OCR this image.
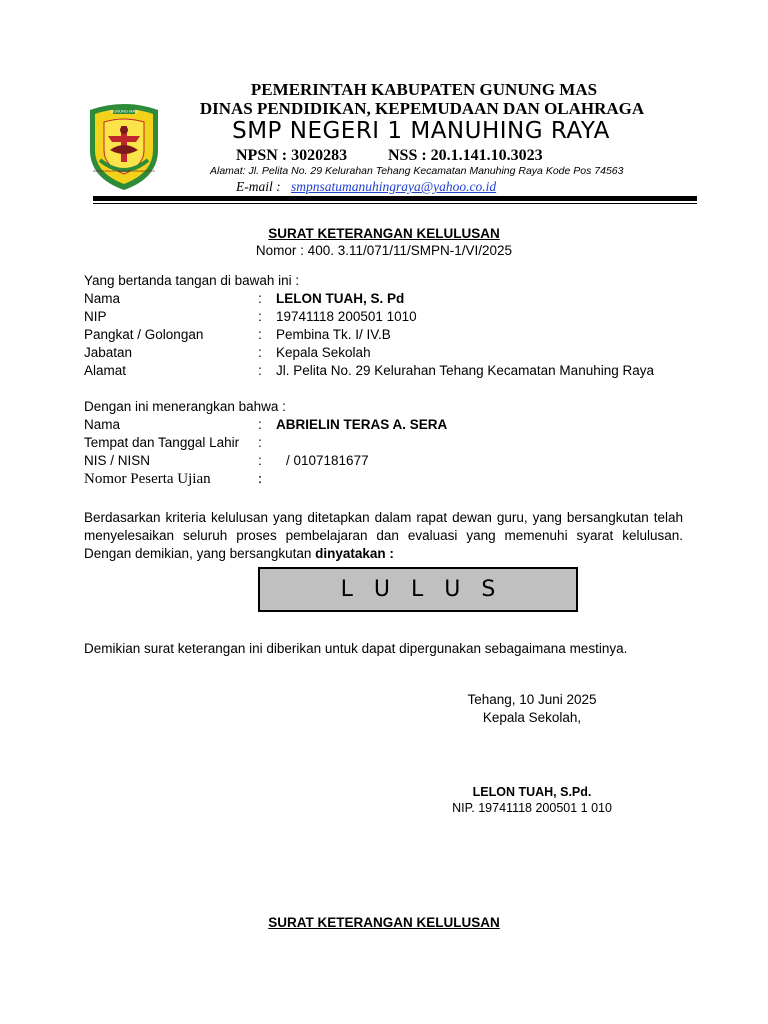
GUNUNG MAS
HABANGKALAN PENYANG KARUHEI TATAU
PEMERINTAH KABUPATEN GUNUNG MAS
DINAS PENDIDIKAN, KEPEMUDAAN DAN OLAHRAGA
SMP NEGERI 1 MANUHING RAYA
NPSN : 3020283	NSS : 20.1.141.10.3023
Alamat: Jl. Pelita No. 29 Kelurahan Tehang Kecamatan Manuhing Raya Kode Pos 74563
E-mail : smpnsatumanuhingraya@yahoo.co.id
SURAT KETERANGAN KELULUSAN
Nomor : 400. 3.11/071/11/SMPN-1/VI/2025
Yang bertanda tangan di bawah ini :
Nama	: LELON TUAH, S. Pd
NIP	: 19741118 200501 1010
Pangkat / Golongan	: Pembina Tk. I/ IV.B
Jabatan	: Kepala Sekolah
Alamat	: Jl. Pelita No. 29 Kelurahan Tehang Kecamatan Manuhing Raya
Dengan ini menerangkan bahwa :
Nama	: ABRIELIN TERAS A. SERA
Tempat dan Tanggal Lahir :
NIS / NISN	: / 0107181677
Nomor Peserta Ujian	:
Berdasarkan kriteria kelulusan yang ditetapkan dalam rapat dewan guru, yang bersangkutan telah menyelesaikan seluruh proses pembelajaran dan evaluasi yang memenuhi syarat kelulusan. Dengan demikian, yang bersangkutan dinyatakan :
L U L U S
Demikian surat keterangan ini diberikan untuk dapat dipergunakan sebagaimana mestinya.
Tehang, 10 Juni 2025
Kepala Sekolah,
LELON TUAH, S.Pd.
NIP. 19741118 200501 1 010
SURAT KETERANGAN KELULUSAN
